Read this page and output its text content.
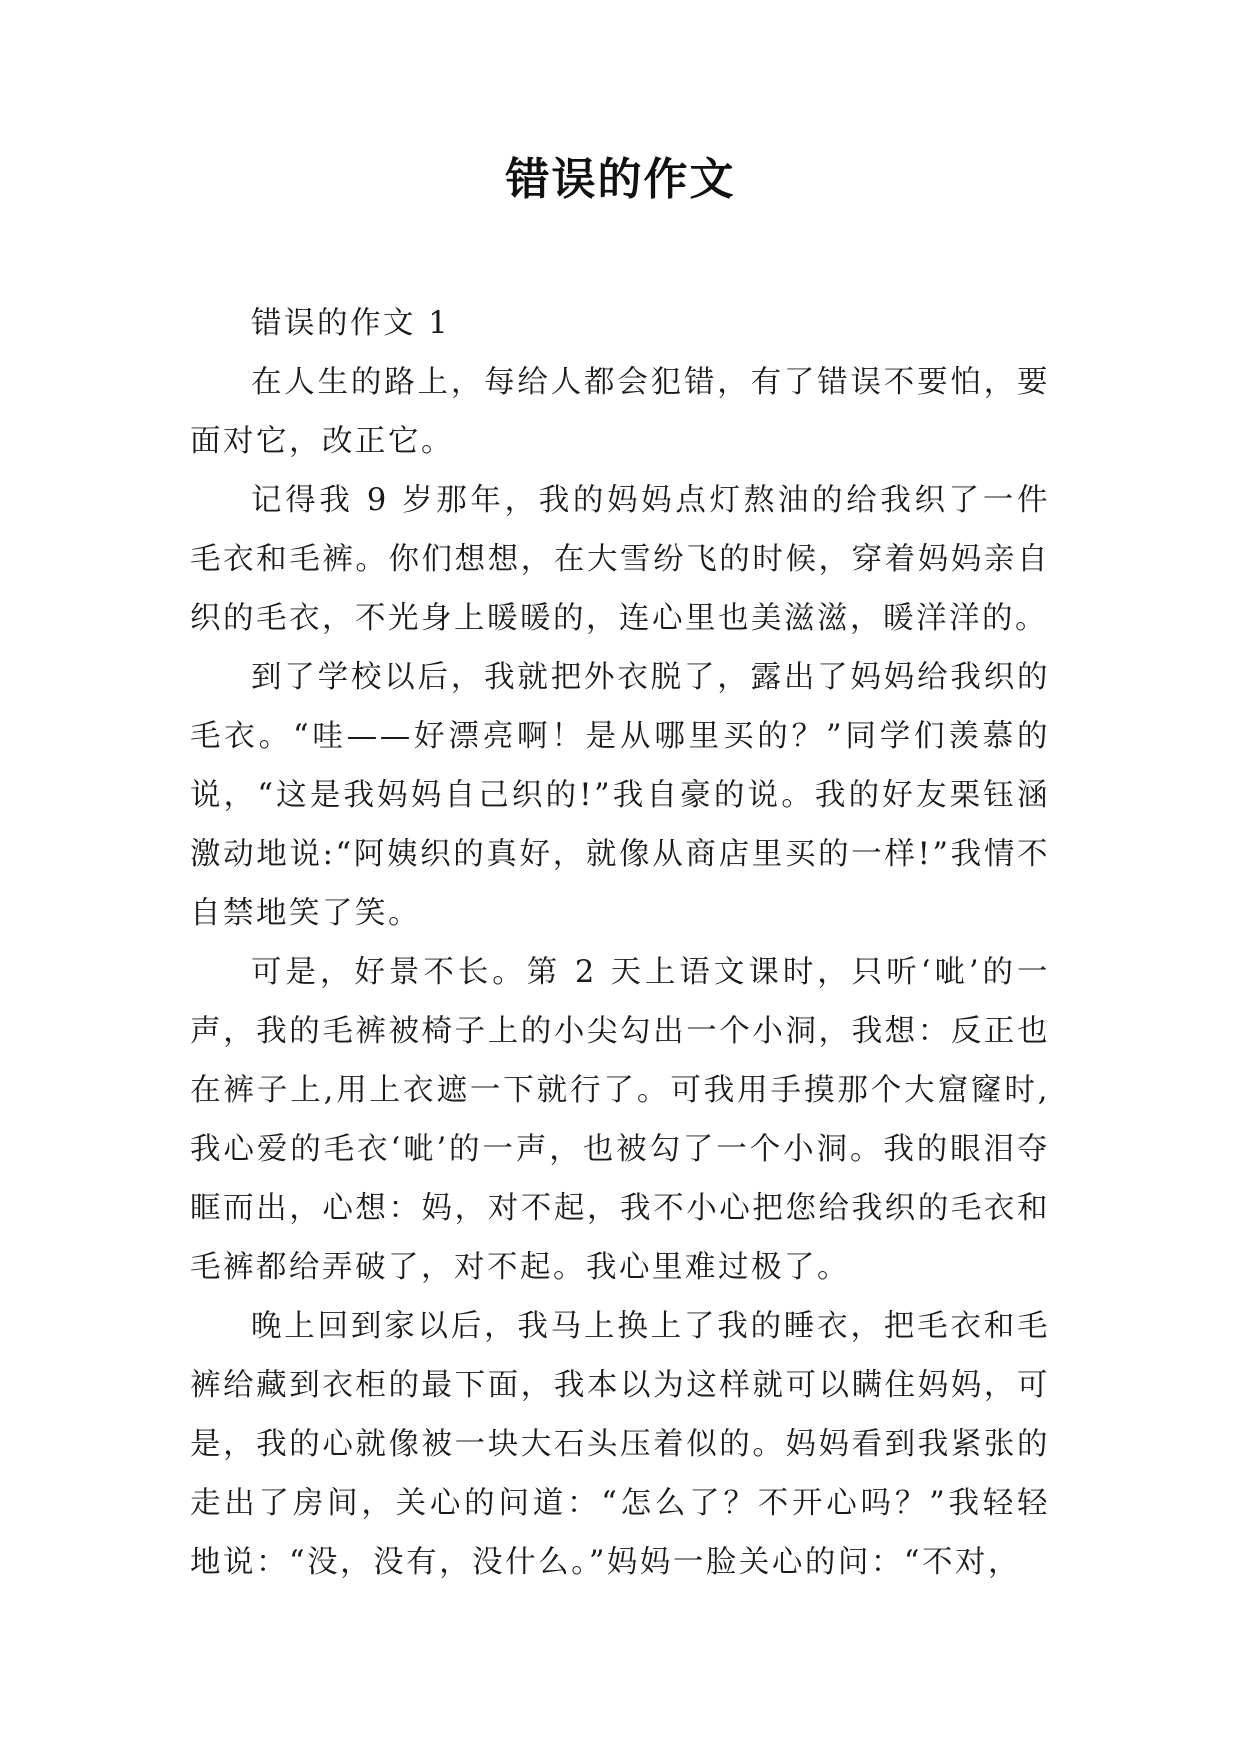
错误的作文

错误的作文 1

在人生的路上，每给人都会犯错，有了错误不要怕，要面对它，改正它。

记得我 9 岁那年，我的妈妈点灯熬油的给我织了一件毛衣和毛裤。你们想想，在大雪纷飞的时候，穿着妈妈亲自织的毛衣，不光身上暖暖的，连心里也美滋滋，暖洋洋的。

到了学校以后，我就把外衣脱了，露出了妈妈给我织的毛衣。“哇——好漂亮啊！是从哪里买的？”同学们羡慕的说，“这是我妈妈自己织的!”我自豪的说。我的好友栗钰涵激动地说:“阿姨织的真好，就像从商店里买的一样!”我情不自禁地笑了笑。

可是，好景不长。第 2 天上语文课时，只听‘呲’的一声，我的毛裤被椅子上的小尖勾出一个小洞，我想：反正也在裤子上,用上衣遮一下就行了。可我用手摸那个大窟窿时,我心爱的毛衣‘呲’的一声，也被勾了一个小洞。我的眼泪夺眶而出，心想：妈，对不起，我不小心把您给我织的毛衣和毛裤都给弄破了，对不起。我心里难过极了。

晚上回到家以后，我马上换上了我的睡衣，把毛衣和毛裤给藏到衣柜的最下面，我本以为这样就可以瞒住妈妈，可是，我的心就像被一块大石头压着似的。妈妈看到我紧张的走出了房间，关心的问道：“怎么了？不开心吗？”我轻轻地说：“没，没有，没什么。”妈妈一脸关心的问：“不对，
